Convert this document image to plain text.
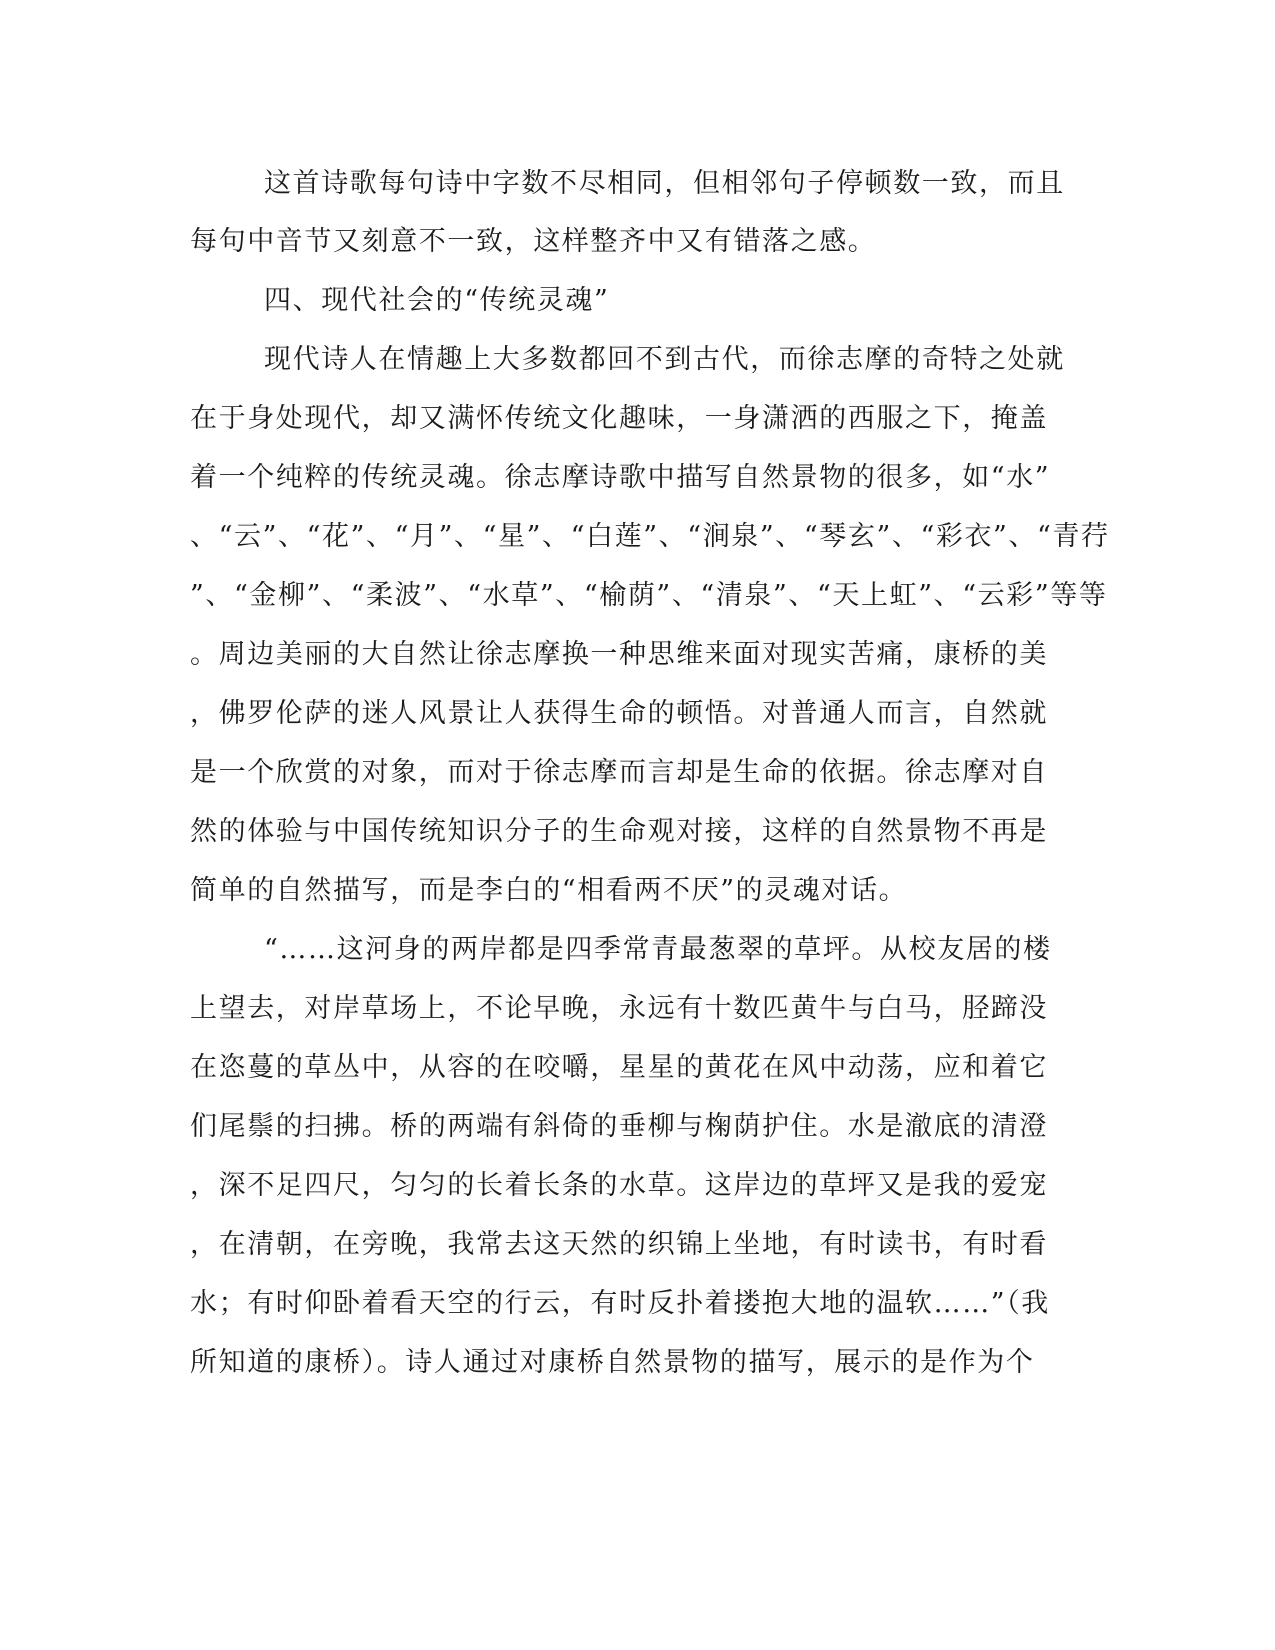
这首诗歌每句诗中字数不尽相同，但相邻句子停顿数一致，而且
每句中音节又刻意不一致，这样整齐中又有错落之感。
四、现代社会的“传统灵魂”
现代诗人在情趣上大多数都回不到古代，而徐志摩的奇特之处就
在于身处现代，却又满怀传统文化趣味，一身潇洒的西服之下，掩盖
着一个纯粹的传统灵魂。徐志摩诗歌中描写自然景物的很多，如“水”
、“云”、“花”、“月”、“星”、“白莲”、“涧泉”、“琴玄”、“彩衣”、“青荇
”、“金柳”、“柔波”、“水草”、“榆荫”、“清泉”、“天上虹”、“云彩”等等
。周边美丽的大自然让徐志摩换一种思维来面对现实苦痛，康桥的美
，佛罗伦萨的迷人风景让人获得生命的顿悟。对普通人而言，自然就
是一个欣赏的对象，而对于徐志摩而言却是生命的依据。徐志摩对自
然的体验与中国传统知识分子的生命观对接，这样的自然景物不再是
简单的自然描写，而是李白的“相看两不厌”的灵魂对话。
“……这河身的两岸都是四季常青最葱翠的草坪。从校友居的楼
上望去，对岸草场上，不论早晚，永远有十数匹黄牛与白马，胫蹄没
在恣蔓的草丛中，从容的在咬嚼，星星的黄花在风中动荡，应和着它
们尾鬃的扫拂。桥的两端有斜倚的垂柳与椈荫护住。水是澈底的清澄
，深不足四尺，匀匀的长着长条的水草。这岸边的草坪又是我的爱宠
，在清朝，在旁晚，我常去这天然的织锦上坐地，有时读书，有时看
水；有时仰卧着看天空的行云，有时反扑着搂抱大地的温软……”（我
所知道的康桥）。诗人通过对康桥自然景物的描写，展示的是作为个
